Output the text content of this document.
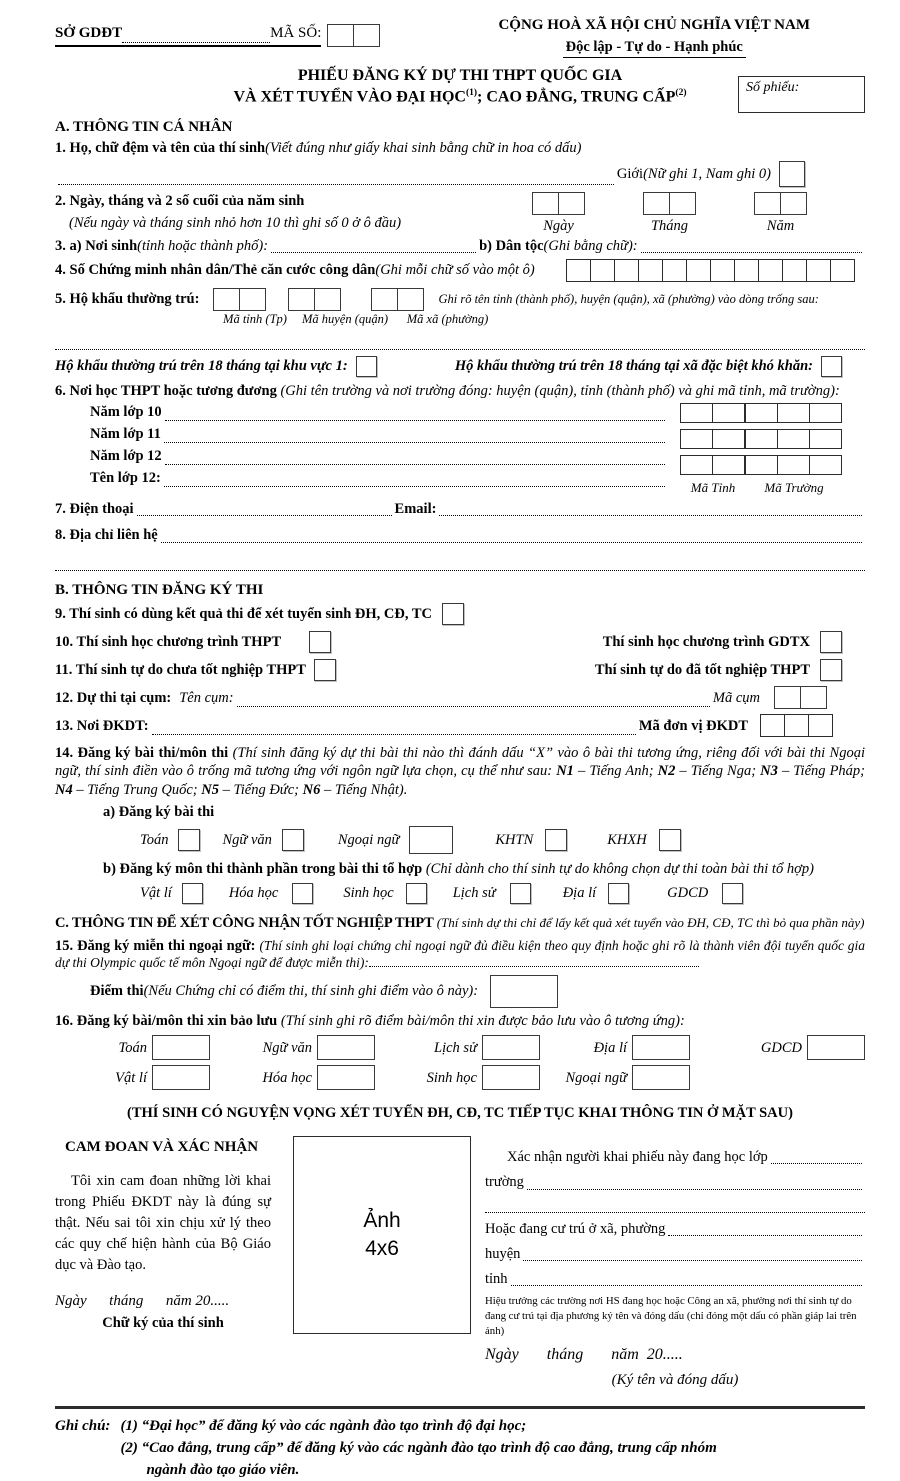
SỞ GDĐT	MÃ SỐ:	CỘNG HOÀ XÃ HỘI CHỦ NGHĨA VIỆT NAM
Độc lập - Tự do - Hạnh phúc
Số phiếu:
PHIẾU ĐĂNG KÝ DỰ THI THPT QUỐC GIA
VÀ XÉT TUYỂN VÀO ĐẠI HỌC$^{(1)}$; CAO ĐẲNG, TRUNG CẤP$^{(2)}$
A. THÔNG TIN CÁ NHÂN
1. Họ, chữ đệm và tên của thí sinh (Viết đúng như giấy khai sinh bằng chữ in hoa có dấu)
Giới (Nữ ghi 1, Nam ghi 0)
2. Ngày, tháng và 2 số cuối của năm sinh
(Nếu ngày và tháng sinh nhỏ hơn 10 thì ghi số 0 ở ô đầu)	Ngày	Tháng	Năm
3. a) Nơi sinh (tỉnh hoặc thành phố):	b) Dân tộc (Ghi bằng chữ):
4. Số Chứng minh nhân dân/Thẻ căn cước công dân (Ghi mỗi chữ số vào một ô)
5. Hộ khẩu thường trú:	Ghi rõ tên tỉnh (thành phố), huyện (quận), xã (phường) vào dòng trống sau:
Mã tỉnh (Tp)	Mã huyện (quận)	Mã xã (phường)
Hộ khẩu thường trú trên 18 tháng tại khu vực 1:	Hộ khẩu thường trú trên 18 tháng tại xã đặc biệt khó khăn:
6. Nơi học THPT hoặc tương đương (Ghi tên trường và nơi trường đóng: huyện (quận), tỉnh (thành phố) và ghi mã tỉnh, mã trường):
Năm lớp 10
Năm lớp 11
Năm lớp 12
Tên lớp 12:

Mã Tỉnh	Mã Trường
7. Điện thoại	Email:
8. Địa chỉ liên hệ
B. THÔNG TIN ĐĂNG KÝ THI
9. Thí sinh có dùng kết quả thi để xét tuyển sinh ĐH, CĐ, TC
10. Thí sinh học chương trình THPT	Thí sinh học chương trình GDTX
11. Thí sinh tự do chưa tốt nghiệp THPT	Thí sinh tự do đã tốt nghiệp THPT
12. Dự thi tại cụm: Tên cụm:	Mã cụm
13. Nơi ĐKDT:	Mã đơn vị ĐKDT
14. Đăng ký bài thi/môn thi (Thí sinh đăng ký dự thi bài thi nào thì đánh dấu “X” vào ô bài thi tương ứng, riêng đối với bài thi Ngoại ngữ, thí sinh điền vào ô trống mã tương ứng với ngôn ngữ lựa chọn, cụ thể như sau: N1 – Tiếng Anh; N2 – Tiếng Nga; N3 – Tiếng Pháp; N4 – Tiếng Trung Quốc; N5 – Tiếng Đức; N6 – Tiếng Nhật).
a) Đăng ký bài thi
Toán	Ngữ văn	Ngoại ngữ	KHTN	KHXH
b) Đăng ký môn thi thành phần trong bài thi tổ hợp (Chỉ dành cho thí sinh tự do không chọn dự thi toàn bài thi tổ hợp)
Vật lí	Hóa học	Sinh học	Lịch sử	Địa lí	GDCD
C. THÔNG TIN ĐỂ XÉT CÔNG NHẬN TỐT NGHIỆP THPT (Thí sinh dự thi chỉ để lấy kết quả xét tuyển vào ĐH, CĐ, TC thì bỏ qua phần này)
15. Đăng ký miễn thi ngoại ngữ: (Thí sinh ghi loại chứng chỉ ngoại ngữ đủ điều kiện theo quy định hoặc ghi rõ là thành viên đội tuyển quốc gia dự thi Olympic quốc tế môn Ngoại ngữ để được miễn thi):
Điểm thi (Nếu Chứng chỉ có điểm thi, thí sinh ghi điểm vào ô này):
16. Đăng ký bài/môn thi xin bảo lưu (Thí sinh ghi rõ điểm bài/môn thi xin được bảo lưu vào ô tương ứng):
Toán	Ngữ văn	Lịch sử	Địa lí	GDCD
Vật lí	Hóa học	Sinh học	Ngoại ngữ
(THÍ SINH CÓ NGUYỆN VỌNG XÉT TUYỂN ĐH, CĐ, TC TIẾP TỤC KHAI THÔNG TIN Ở MẶT SAU)
CAM ĐOAN VÀ XÁC NHẬN
Tôi xin cam đoan những lời khai trong Phiếu ĐKDT này là đúng sự thật. Nếu sai tôi xin chịu xử lý theo các quy chế hiện hành của Bộ Giáo dục và Đào tạo.
Ngày      tháng      năm 20.....
Chữ ký của thí sinh
Ảnh
4x6
Xác nhận người khai phiếu này đang học lớp
trường
Hoặc đang cư trú ở xã, phường
huyện
tỉnh
Hiệu trưởng các trường nơi HS đang học hoặc Công an xã, phường nơi thí sinh tự do đang cư trú tại địa phương ký tên và đóng dấu (chỉ đóng một dấu có phần giáp lai trên ảnh)
Ngày       tháng       năm  20.....
(Ký tên và đóng dấu)
Ghi chú: (1) “Đại học” để đăng ký vào các ngành đào tạo trình độ đại học;
(2) “Cao đẳng, trung cấp” để đăng ký vào các ngành đào tạo trình độ cao đẳng, trung cấp nhóm
ngành đào tạo giáo viên.
